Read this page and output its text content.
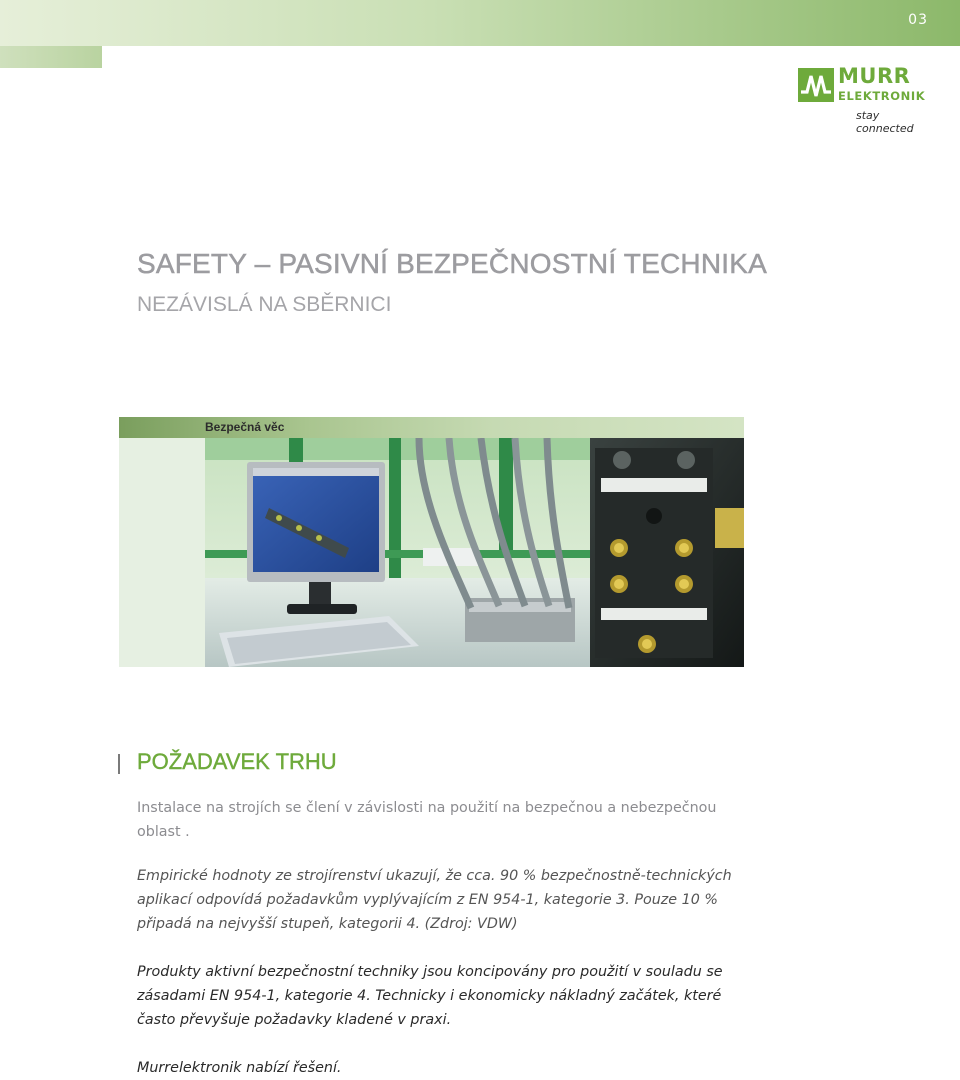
03
MURR
ELEKTRONIK
stay connected
SAFETY – PASIVNÍ BEZPEČNOSTNÍ TECHNIKA
NEZÁVISLÁ NA SBĚRNICI
Bezpečná věc
POŽADAVEK TRHU

Instalace na strojích se člení v závislosti na použití na bezpečnou a nebezpečnou oblast .

Empirické hodnoty ze strojírenství ukazují, že cca. 90 % bezpečnostně-technických aplikací odpovídá požadavkům vyplývajícím z EN 954-1, kategorie 3. Pouze 10 % připadá na nejvyšší stupeň, kategorii 4. (Zdroj: VDW)

Produkty aktivní bezpečnostní techniky jsou koncipovány pro použití v souladu se zásadami EN 954-1, kategorie 4. Technicky i ekonomicky nákladný začátek, které často převyšuje požadavky kladené v praxi.

Murrelektronik nabízí řešení.
